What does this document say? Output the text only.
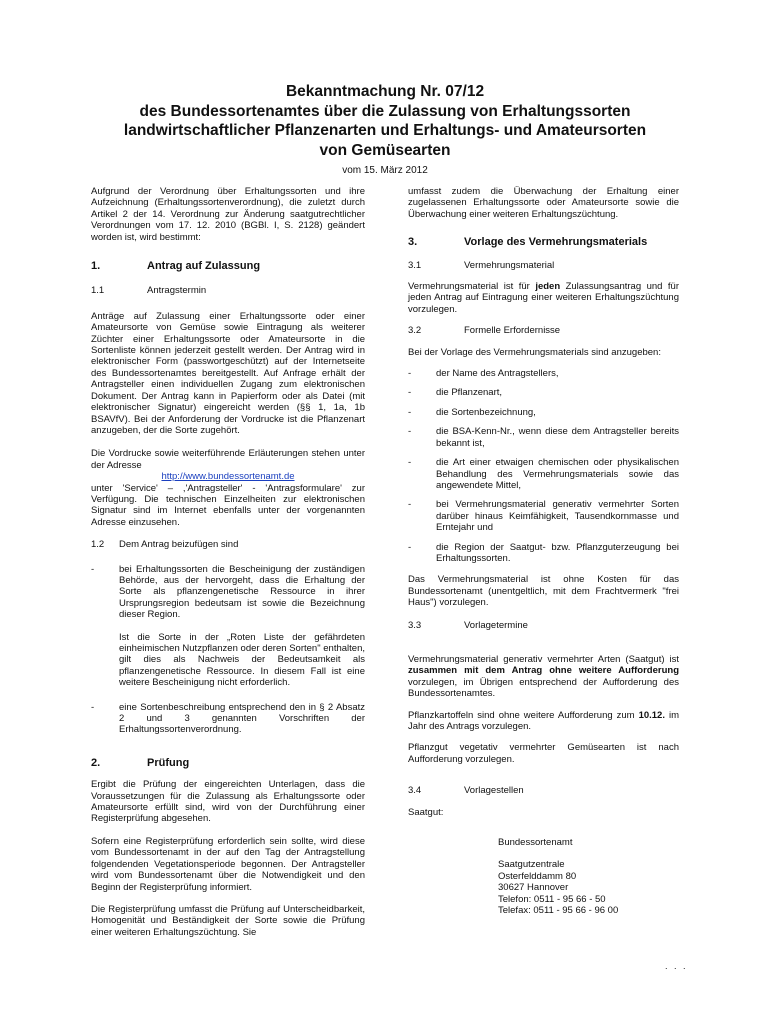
Bekanntmachung Nr. 07/12
des Bundessortenamtes über die Zulassung von Erhaltungssorten
landwirtschaftlicher Pflanzenarten und Erhaltungs- und Amateursorten
von Gemüsearten
vom 15. März 2012

Aufgrund der Verordnung über Erhaltungssorten und ihre Aufzeichnung (Erhaltungssortenverordnung), die zuletzt durch Artikel 2 der 14. Verordnung zur Änderung saatgutrechtlicher Verordnungen vom 17. 12. 2010 (BGBl. I, S. 2128) geändert worden ist, wird bestimmt:

1.	Antrag auf Zulassung
1.1	Antragstermin

Anträge auf Zulassung einer Erhaltungssorte oder einer Amateursorte von Gemüse sowie Eintragung als weiterer Züchter einer Erhaltungssorte oder Amateursorte in die Sortenliste können jederzeit gestellt werden. Der Antrag wird in elektronischer Form (passwortgeschützt) auf der Internetseite des Bundessortenamtes bereitgestellt. Auf Anfrage erhält der Antragsteller einen individuellen Zugang zum elektronischen Dokument. Der Antrag kann in Papierform oder als Datei (mit elektronischer Signatur) eingereicht werden (§§ 1, 1a, 1b BSAVfV). Bei der Anforderung der Vordrucke ist die Pflanzenart anzugeben, der die Sorte zugehört.

Die Vordrucke sowie weiterführende Erläuterungen stehen unter der Adresse

http://www.bundessortenamt.de

unter 'Service' – ,'Antragsteller' - 'Antragsformulare' zur Verfügung. Die technischen Einzelheiten zur elektronischen Signatur sind im Internet ebenfalls unter der vorgenannten Adresse einzusehen.

1.2	Dem Antrag beizufügen sind
-	bei Erhaltungssorten die Bescheinigung der zuständigen Behörde, aus der hervorgeht, dass die Erhaltung der Sorte als pflanzengenetische Ressource in ihrer Ursprungsregion bedeutsam ist sowie die Bezeichnung dieser Region.

Ist die Sorte in der „Roten Liste der gefährdeten einheimischen Nutzpflanzen oder deren Sorten" enthalten, gilt dies als Nachweis der Bedeutsamkeit als pflanzengenetische Ressource. In diesem Fall ist eine weitere Bescheinigung nicht erforderlich.

-	eine Sortenbeschreibung entsprechend den in § 2 Absatz 2 und 3 genannten Vorschriften der Erhaltungssortenverordnung.

2.	Prüfung

Ergibt die Prüfung der eingereichten Unterlagen, dass die Voraussetzungen für die Zulassung als Erhaltungssorte oder Amateursorte erfüllt sind, wird von der Durchführung einer Registerprüfung abgesehen.

Sofern eine Registerprüfung erforderlich sein sollte, wird diese vom Bundessortenamt in der auf den Tag der Antragstellung folgendenden Vegetationsperiode begonnen. Der Antragsteller wird vom Bundessortenamt über die Notwendigkeit und den Beginn der Registerprüfung informiert.

Die Registerprüfung umfasst die Prüfung auf Unterscheidbarkeit, Homogenität und Beständigkeit der Sorte sowie die Prüfung einer weiteren Erhaltungszüchtung. Sie

umfasst zudem die Überwachung der Erhaltung einer zugelassenen Erhaltungssorte oder Amateursorte sowie die Überwachung einer weiteren Erhaltungszüchtung.

3.	Vorlage des Vermehrungsmaterials
3.1	Vermehrungsmaterial

Vermehrungsmaterial ist für jeden Zulassungsantrag und für jeden Antrag auf Eintragung einer weiteren Erhaltungszüchtung vorzulegen.

3.2	Formelle Erfordernisse

Bei der Vorlage des Vermehrungsmaterials sind anzugeben:

-	der Name des Antragstellers,

-	die Pflanzenart,

-	die Sortenbezeichnung,

-	die BSA-Kenn-Nr., wenn diese dem Antragsteller bereits bekannt ist,

-	die Art einer etwaigen chemischen oder physikalischen Behandlung des Vermehrungsmaterials sowie das angewendete Mittel,

-	bei Vermehrungsmaterial generativ vermehrter Sorten darüber hinaus Keimfähigkeit, Tausendkornmasse und Erntejahr und

-	die Region der Saatgut- bzw. Pflanzguterzeugung bei Erhaltungssorten.

Das Vermehrungsmaterial ist ohne Kosten für das Bundessortenamt (unentgeltlich, mit dem Frachtvermerk "frei Haus") vorzulegen.

3.3	Vorlagetermine

Vermehrungsmaterial generativ vermehrter Arten (Saatgut) ist zusammen mit dem Antrag ohne weitere Aufforderung vorzulegen, im Übrigen entsprechend der Aufforderung des Bundessortenamtes.

Pflanzkartoffeln sind ohne weitere Aufforderung zum 10.12. im Jahr des Antrags vorzulegen.

Pflanzgut vegetativ vermehrter Gemüsearten ist nach Aufforderung vorzulegen.

3.4	Vorlagestellen

Saatgut:

Bundessortenamt
Saatgutzentrale
Osterfelddamm 80
30627 Hannover
Telefon: 0511 - 95 66 - 50
Telefax: 0511 - 95 66 - 96 00
. . .
